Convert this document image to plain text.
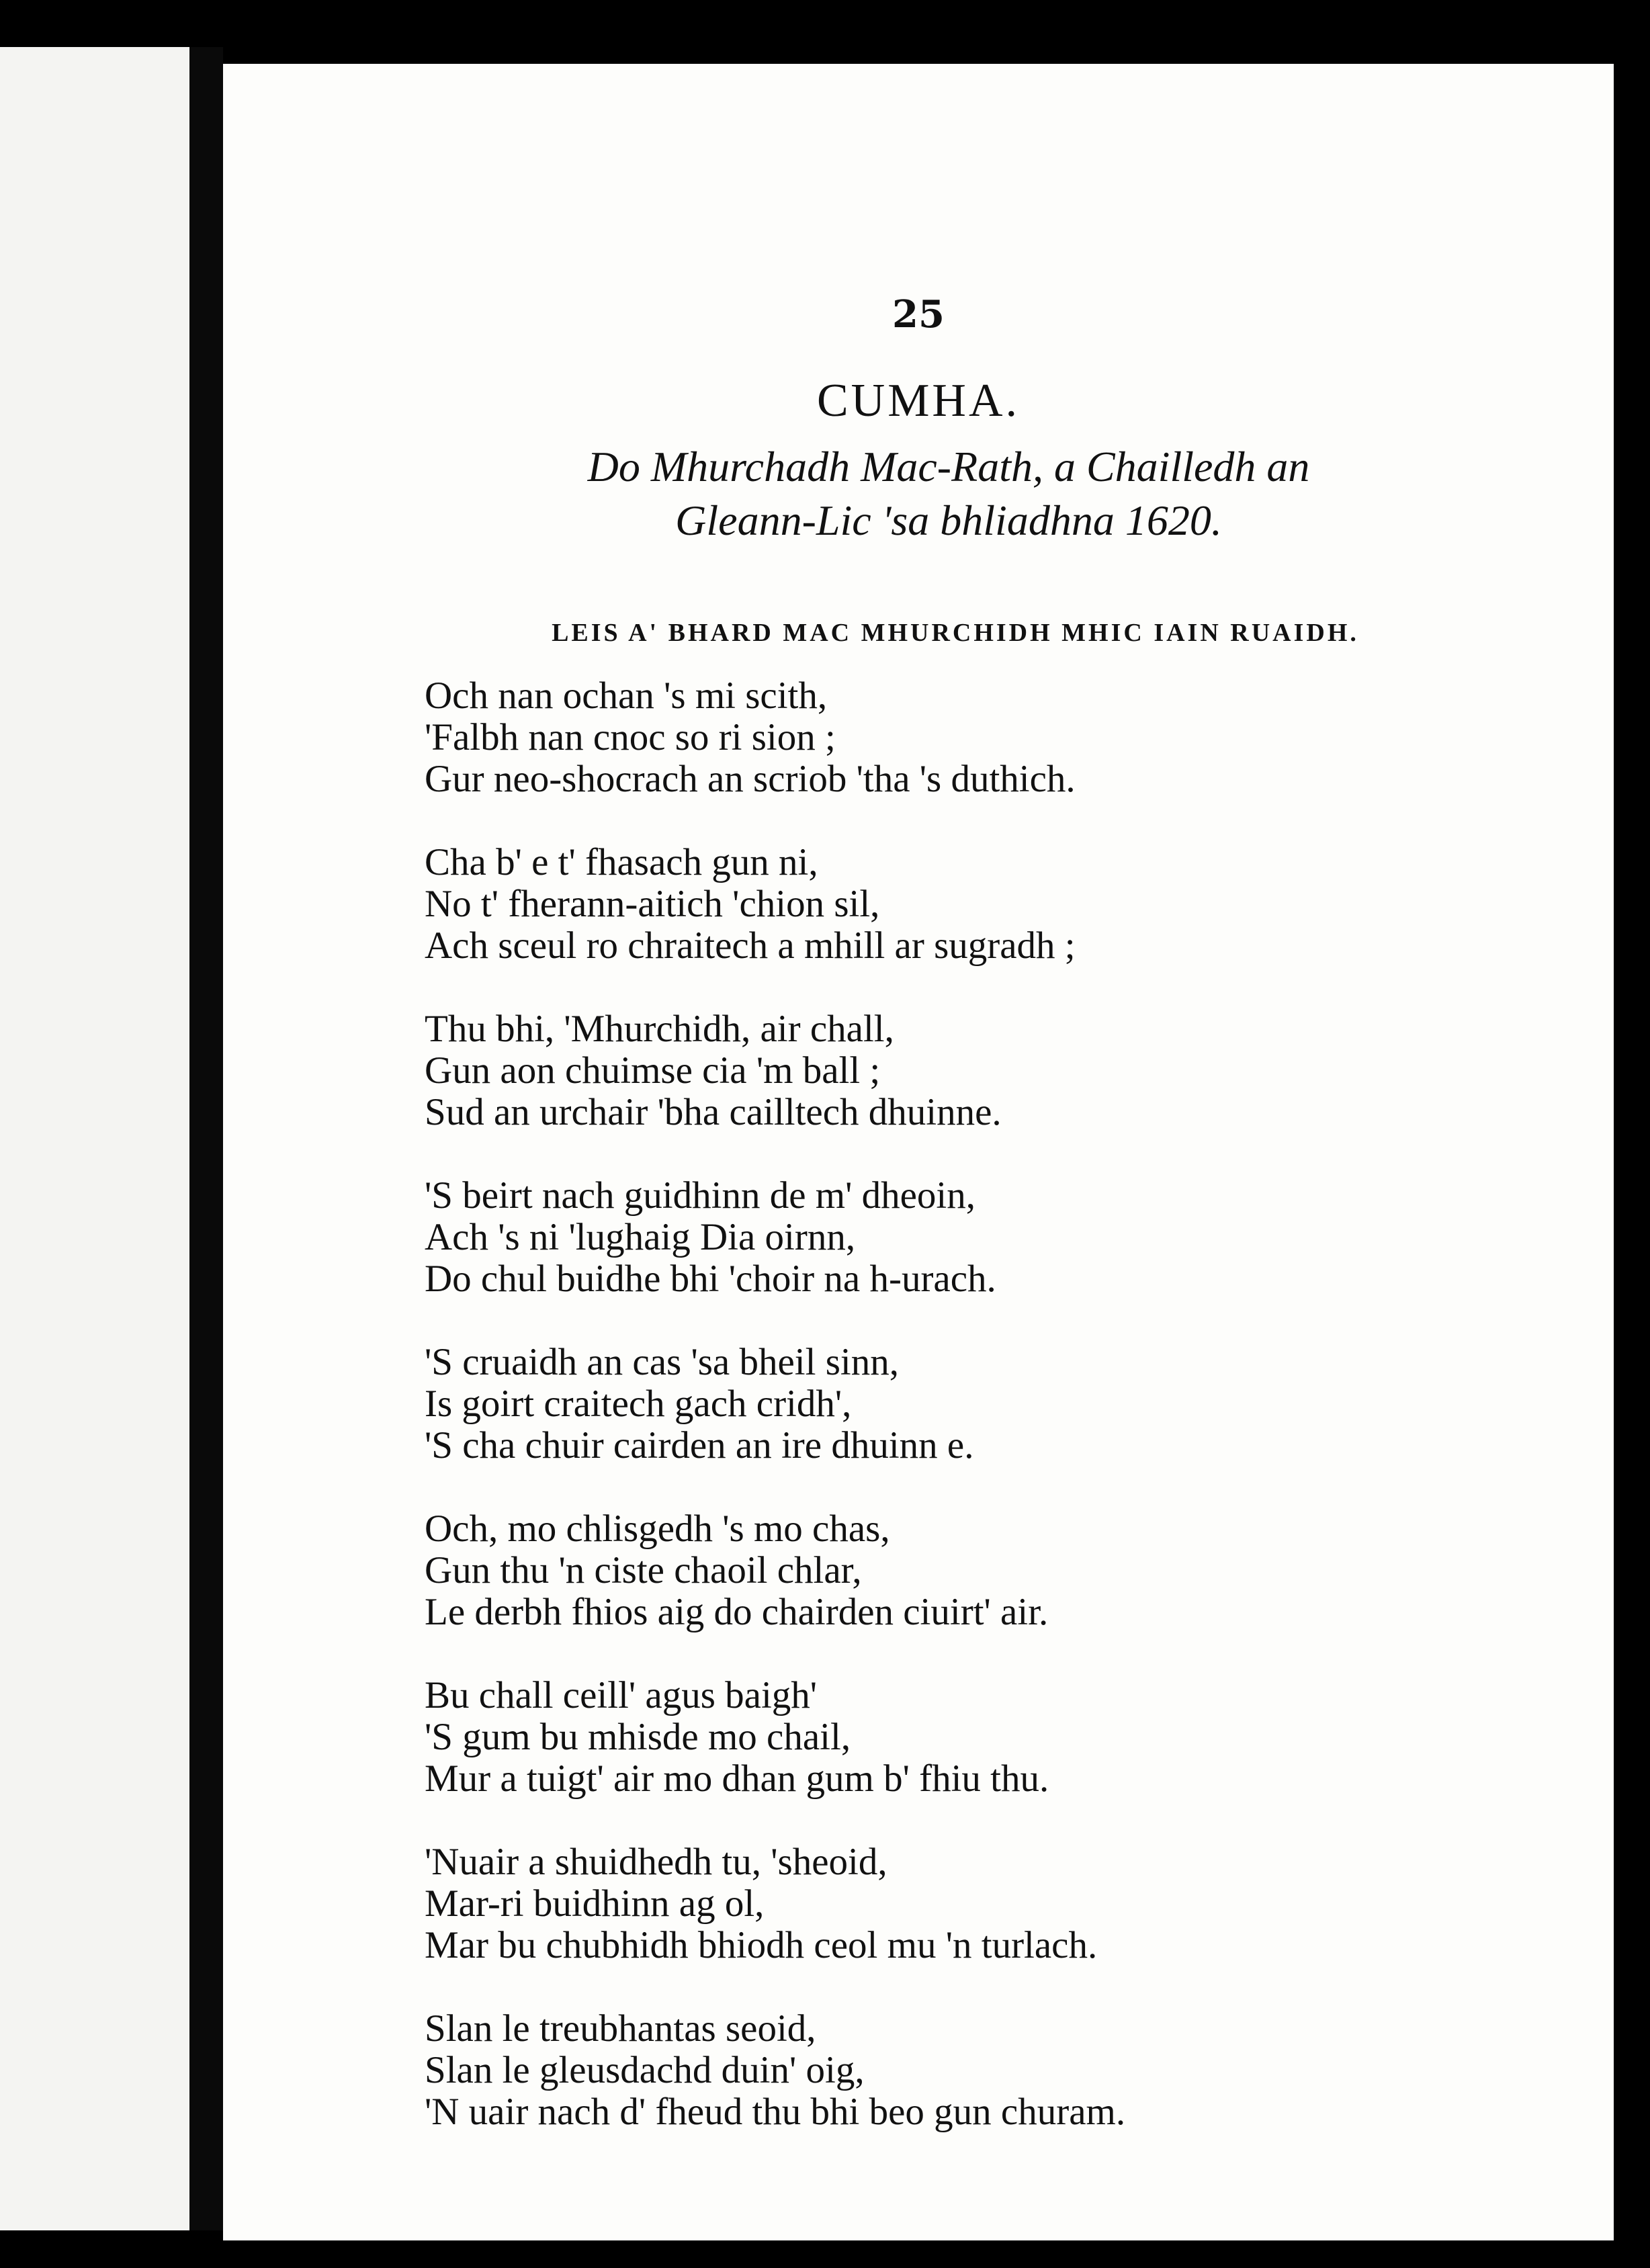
25

CUMHA.

Do Mhurchadh Mac-Rath, a Chailledh an
Gleann-Lic 'sa bhliadhna 1620.

LEIS A' BHARD MAC MHURCHIDH MHIC IAIN RUAIDH.

Och nan ochan 's mi scith,
'Falbh nan cnoc so ri sion ;
Gur neo-shocrach an scriob 'tha 's duthich.
Cha b' e t' fhasach gun ni,
No t' fherann-aitich 'chion sil,
Ach sceul ro chraitech a mhill ar sugradh ;
Thu bhi, 'Mhurchidh, air chall,
Gun aon chuimse cia 'm ball ;
Sud an urchair 'bha cailltech dhuinne.
'S beirt nach guidhinn de m' dheoin,
Ach 's ni 'lughaig Dia oirnn,
Do chul buidhe bhi 'choir na h-urach.
'S cruaidh an cas 'sa bheil sinn,
Is goirt craitech gach cridh',
'S cha chuir cairden an ire dhuinn e.
Och, mo chlisgedh 's mo chas,
Gun thu 'n ciste chaoil chlar,
Le derbh fhios aig do chairden ciuirt' air.
Bu chall ceill' agus baigh'
'S gum bu mhisde mo chail,
Mur a tuigt' air mo dhan gum b' fhiu thu.
'Nuair a shuidhedh tu, 'sheoid,
Mar-ri buidhinn ag ol,
Mar bu chubhidh bhiodh ceol mu 'n turlach.
Slan le treubhantas seoid,
Slan le gleusdachd duin' oig,
'N uair nach d' fheud thu bhi beo gun churam.
